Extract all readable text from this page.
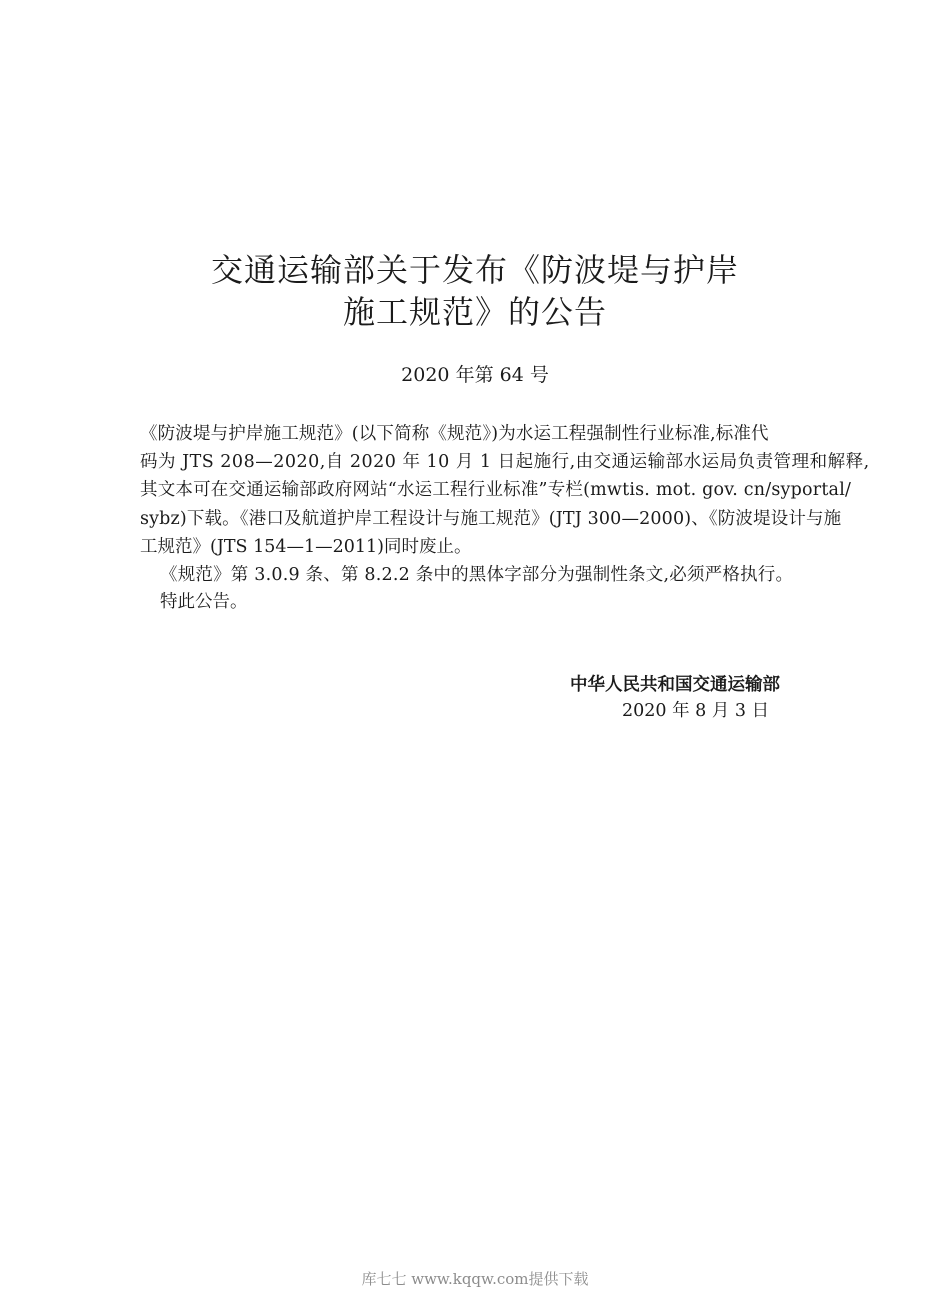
交通运输部关于发布《防波堤与护岸
施工规范》的公告
2020 年第 64 号
《防波堤与护岸施工规范》(以下简称《规范》)为水运工程强制性行业标准,标准代
码为 JTS 208—2020,自 2020 年 10 月 1 日起施行,由交通运输部水运局负责管理和解释,
其文本可在交通运输部政府网站“水运工程行业标准”专栏(mwtis. mot. gov. cn/syportal/
sybz)下载。《港口及航道护岸工程设计与施工规范》(JTJ 300—2000)、《防波堤设计与施
工规范》(JTS 154—1—2011)同时废止。
《规范》第 3.0.9 条、第 8.2.2 条中的黑体字部分为强制性条文,必须严格执行。
特此公告。
中华人民共和国交通运输部
2020 年 8 月 3 日
库七七 www.kqqw.com提供下载
